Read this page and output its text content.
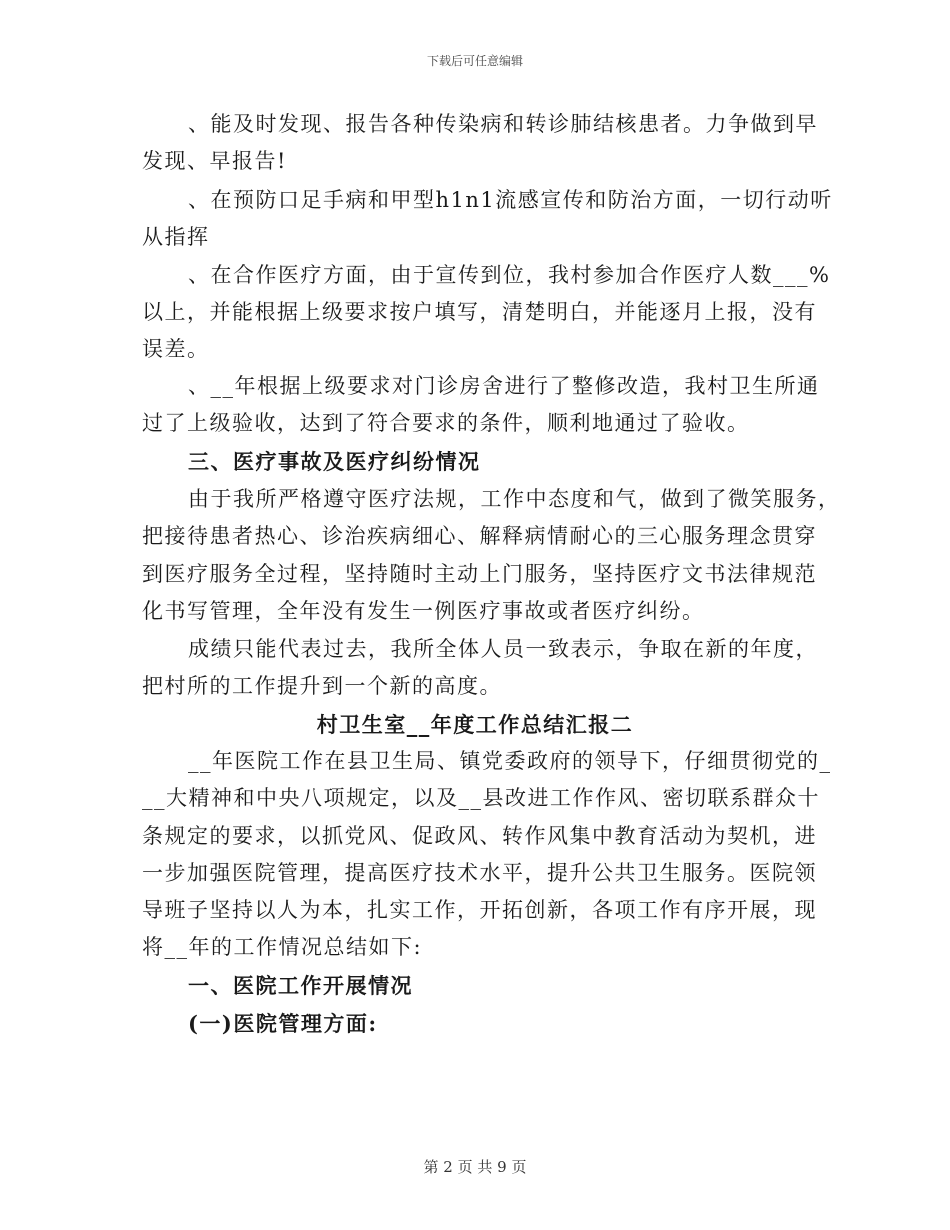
下载后可任意编辑
、能及时发现、报告各种传染病和转诊肺结核患者。力争做到早
发现、早报告!
、在预防口足手病和甲型h1n1流感宣传和防治方面，一切行动听
从指挥
、在合作医疗方面，由于宣传到位，我村参加合作医疗人数___%
以上，并能根据上级要求按户填写，清楚明白，并能逐月上报，没有
误差。
、__年根据上级要求对门诊房舍进行了整修改造，我村卫生所通
过了上级验收，达到了符合要求的条件，顺利地通过了验收。
三、医疗事故及医疗纠纷情况
由于我所严格遵守医疗法规，工作中态度和气，做到了微笑服务，
把接待患者热心、诊治疾病细心、解释病情耐心的三心服务理念贯穿
到医疗服务全过程，坚持随时主动上门服务，坚持医疗文书法律规范
化书写管理，全年没有发生一例医疗事故或者医疗纠纷。
成绩只能代表过去，我所全体人员一致表示，争取在新的年度，
把村所的工作提升到一个新的高度。
村卫生室__年度工作总结汇报二
__年医院工作在县卫生局、镇党委政府的领导下，仔细贯彻党的_
__大精神和中央八项规定，以及__县改进工作作风、密切联系群众十
条规定的要求，以抓党风、促政风、转作风集中教育活动为契机，进
一步加强医院管理，提高医疗技术水平，提升公共卫生服务。医院领
导班子坚持以人为本，扎实工作，开拓创新，各项工作有序开展，现
将__年的工作情况总结如下:
一、医院工作开展情况
(一)医院管理方面:
第 2 页 共 9 页
